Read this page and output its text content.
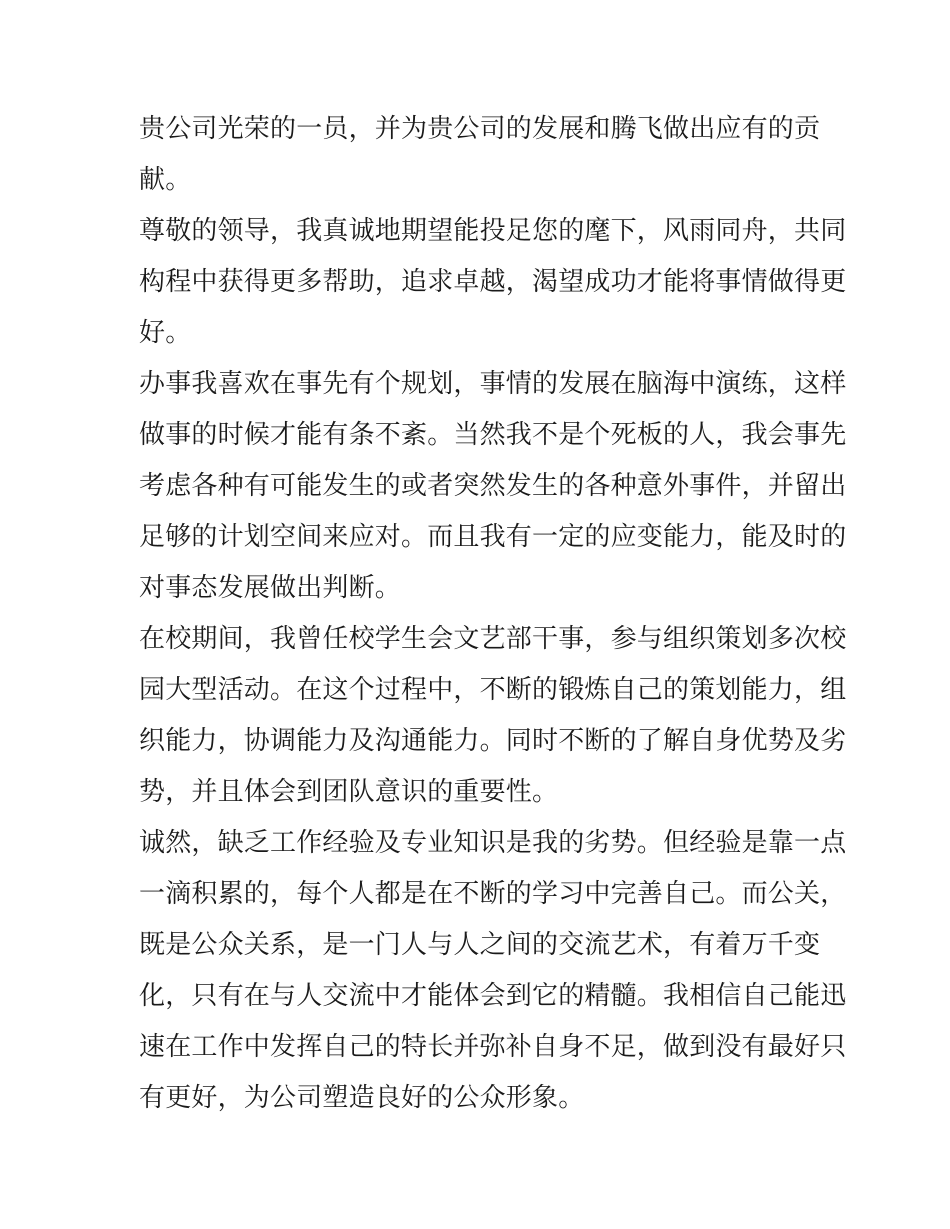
贵公司光荣的一员，并为贵公司的发展和腾飞做出应有的贡
献。
尊敬的领导，我真诚地期望能投足您的麾下，风雨同舟，共同
构程中获得更多帮助，追求卓越，渴望成功才能将事情做得更
好。
办事我喜欢在事先有个规划，事情的发展在脑海中演练，这样
做事的时候才能有条不紊。当然我不是个死板的人，我会事先
考虑各种有可能发生的或者突然发生的各种意外事件，并留出
足够的计划空间来应对。而且我有一定的应变能力，能及时的
对事态发展做出判断。
在校期间，我曾任校学生会文艺部干事，参与组织策划多次校
园大型活动。在这个过程中，不断的锻炼自己的策划能力，组
织能力，协调能力及沟通能力。同时不断的了解自身优势及劣
势，并且体会到团队意识的重要性。
诚然，缺乏工作经验及专业知识是我的劣势。但经验是靠一点
一滴积累的，每个人都是在不断的学习中完善自己。而公关，
既是公众关系，是一门人与人之间的交流艺术，有着万千变
化，只有在与人交流中才能体会到它的精髓。我相信自己能迅
速在工作中发挥自己的特长并弥补自身不足，做到没有最好只
有更好，为公司塑造良好的公众形象。
